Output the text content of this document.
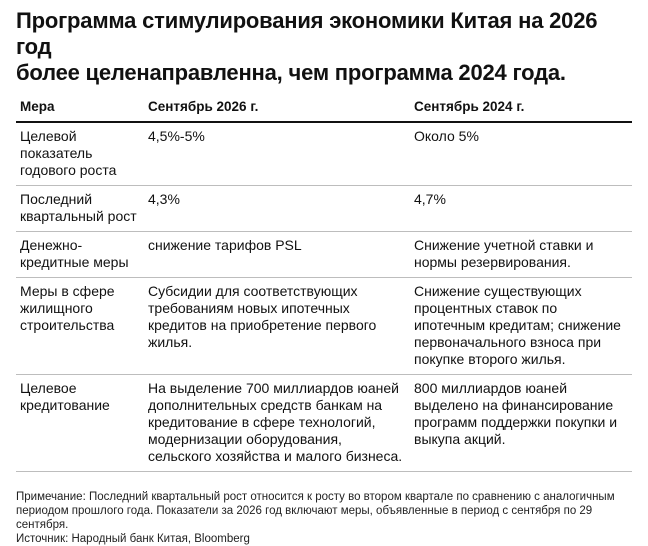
Программа стимулирования экономики Китая на 2026 год
более целенаправленна, чем программа 2024 года.
Мера	Сентябрь 2026 г.	Сентябрь 2024 г.
Целевой показатель годового роста	4,5%-5%	Около 5%
Последний квартальный рост	4,3%	4,7%
Денежно-кредитные меры	снижение тарифов PSL	Снижение учетной ставки и нормы резервирования.
Меры в сфере жилищного строительства	Субсидии для соответствующих требованиям новых ипотечных кредитов на приобретение первого жилья.	Снижение существующих процентных ставок по ипотечным кредитам; снижение первоначального взноса при покупке второго жилья.
Целевое кредитование	На выделение 700 миллиардов юаней дополнительных средств банкам на кредитование в сфере технологий, модернизации оборудования, сельского хозяйства и малого бизнеса.	800 миллиардов юаней выделено на финансирование программ поддержки покупки и выкупа акций.

Примечание: Последний квартальный рост относится к росту во втором квартале по сравнению с аналогичным периодом прошлого года. Показатели за 2026 год включают меры, объявленные в период с сентября по 29 сентября.

Источник: Народный банк Китая, Bloomberg
